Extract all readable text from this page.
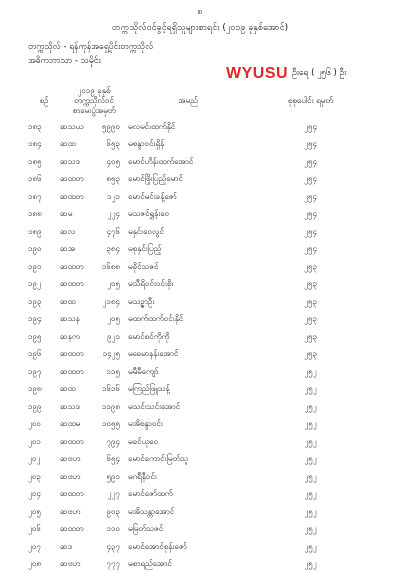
၈
တက္ကသိုလ်ဝင်ခွင့်ရရှိသူများစာရင်း (၂၀၁၉ ခုနှစ်အောင်)
တက္ကသိုလ် - ရန်ကုန်အရှေ့ပိုင်းတက္ကသိုလ်
အဓိကဘာသာ - သမိုင်း
WYUSU ဦးရေ ( ၂၅၆ ) ဦး
စဉ်	၂၀၁၉ ခုနှစ်
တက္ကသိုလ်ဝင်
စာမေးပွဲအမှတ်	အမည်	စုစုပေါင်း ရမှတ်
၁၈၃	ဆသယ ၅၉၉၀	မလမင်းထက်နိုင်	၂၅၄
၁၈၄	ဆထ ၆၅၃	မစန္ဒာဝင်းရှိန်	၂၅၄
၁၈၅	ဆသဒ ၄၀၅	မောင်ဟိန်းထက်အောင်	၂၅၄
၁၈၆	ဆထတ ၈၅၃	မောင်ဖြိုးပြည့်မောင်	၂၅၄
၁၈၇	ဆထတ ၁၂၁	မောင်မင်းခန့်ဇော်	၂၅၄
၁၈၈	ဆမ ၂၂၄	မသဇင်ရွှန်းဝေ	၂၅၄
၁၈၉	ဆလ ၄၇၆	မနှင်းဝေလွင်	၂၅၄
၁၉၀	ဆအ ၃၈၄	မစုနှင်းပြည့်	၂၅၄
၁၉၁	ဆထတ ၁၆၈၈	မခိုင်သဇင်	၂၅၃
၁၉၂	ဆထတ ၂၀၅	မသီရိဝင်းဝင်းစိုး	၂၅၃
၁၉၃	ဆထ ၂၁၈၄	မသဉ္ဇာဦး	၂၅၃
၁၉၄	ဆသန ၂၀၅	မထက်ထက်ဝင်းနိုင်	၂၅၃
၁၉၅	ဆနက ၉၂၁	မောင်စင်ကိုကို	၂၅၃
၁၉၆	ဆထတ ၁၄၂၅	မခေမာနန်းအောင်	၂၅၃
၁၉၇	ဆထတ ၁၁၅	မမီမီကျော်	၂၅၂
၁၉၈	ဆထ ၁၆၁၆	မကြည်ဖြူသန့်	၂၅၂
၁၉၉	ဆသဒ ၁၁၉၈	မသင်းသင်းအောင်	၂၅၂
၂၀၀	ဆထမ ၁၀၅၅	မအိစန္ဒာဝင်း	၂၅၂
၂၀၁	ဆထတ ၇၉၄	မခင်ယုဝေ	၂၅၂
၂၀၂	ဆဗဟ ၆၅၄	မောင်ကောင်းမြတ်သူ	၂၅၂
၂၀၃	ဆဗဟ ၅၉၁	မဂရီနီဝင်း	၂၅၂
၂၀၄	ဆထတ ၂၂၇	မောင်ဇော်ထက်	၂၅၂
၂၀၅	ဆဗဟ ၉၀၃	မအိသန္တာအောင်	၂၅၂
၂၀၆	ဆထတ ၁၁၀	မမြတ်သဇင်	၂၅၂
၂၀၇	ဆဒ ၄၃၇	မောင်အောင်စုန်းဇော်	၂၅၂
၂၀၈	ဆဗဟ ၇၇၇	မစာရည်အောင်	၂၅၂
